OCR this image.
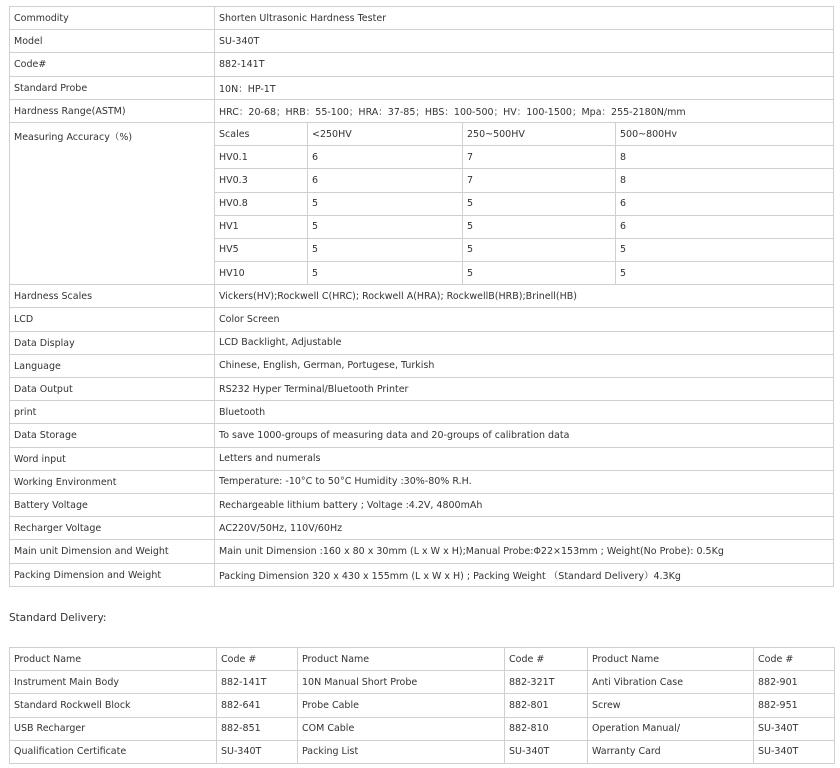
Commodity	Shorten Ultrasonic Hardness Tester				
Model	SU-340T				
Code#	882-141T				
Standard Probe	10N：HP-1T				
Hardness Range(ASTM)	HRC：20-68；HRB：55-100；HRA：37-85；HBS：100-500；HV：100-1500；Mpa：255-2180N/mm				
Measuring Accuracy（%)	Scales	<250HV	250~500HV	500~800Hv	
	HV0.1	6	7	8	
	HV0.3	6	7	8	
	HV0.8	5	5	6	
	HV1	5	5	6	
	HV5	5	5	5	
	HV10	5	5	5	
Hardness Scales	Vickers(HV);Rockwell C(HRC); Rockwell A(HRA); RockwellB(HRB);Brinell(HB)				
LCD	Color Screen				
Data Display	LCD Backlight, Adjustable				
Language	Chinese, English, German, Portugese, Turkish				
Data Output	RS232 Hyper Terminal/Bluetooth Printer				
print	Bluetooth				
Data Storage	To save 1000-groups of measuring data and 20-groups of calibration data				
Word input	Letters and numerals				
Working Environment	Temperature: -10°C to 50°C Humidity :30%-80% R.H.				
Battery Voltage	Rechargeable lithium battery ; Voltage :4.2V, 4800mAh				
Recharger Voltage	AC220V/50Hz, 110V/60Hz				
Main unit Dimension and Weight	Main unit Dimension :160 x 80 x 30mm (L x W x H);Manual Probe:Φ22×153mm ; Weight(No Probe): 0.5Kg				
Packing Dimension and Weight	Packing Dimension 320 x 430 x 155mm (L x W x H) ; Packing Weight （Standard Delivery）4.3Kg				
Standard Delivery:
Product Name	Code #	Product Name	Code #	Product Name	Code #
Instrument Main Body	882-141T	10N Manual Short Probe	882-321T	Anti Vibration Case	882-901
Standard Rockwell Block	882-641	Probe Cable	882-801	Screw	882-951
USB Recharger	882-851	COM Cable	882-810	Operation Manual/	SU-340T
Qualification Certificate	SU-340T	Packing List	SU-340T	Warranty Card	SU-340T
